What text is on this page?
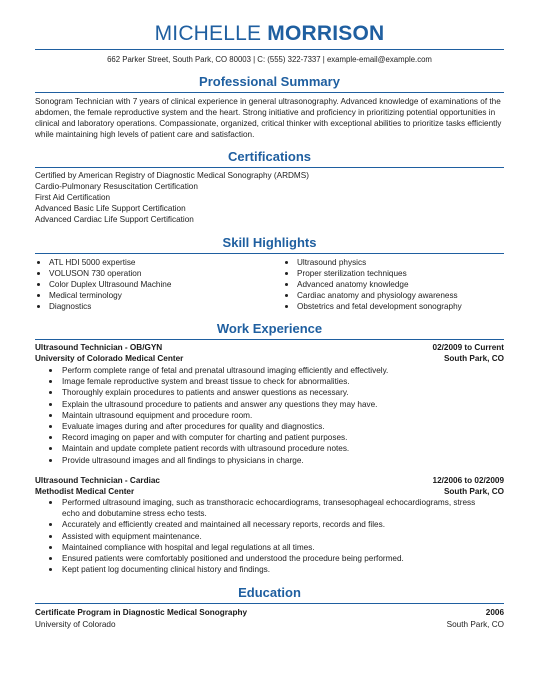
MICHELLE MORRISON
662 Parker Street, South Park, CO 80003 | C: (555) 322-7337 | example-email@example.com
Professional Summary
Sonogram Technician with 7 years of clinical experience in general ultrasonography. Advanced knowledge of examinations of the abdomen, the female reproductive system and the heart. Strong initiative and proficiency in prioritizing potential opportunities in clinical and laboratory operations. Compassionate, organized, critical thinker with exceptional abilities to prioritize tasks efficiently while maintaining high levels of patient care and satisfaction.
Certifications
Certified by American Registry of Diagnostic Medical Sonography (ARDMS)
Cardio-Pulmonary Resuscitation Certification
First Aid Certification
Advanced Basic Life Support Certification
Advanced Cardiac Life Support Certification
Skill Highlights
ATL HDI 5000 expertise
VOLUSON 730 operation
Color Duplex Ultrasound Machine
Medical terminology
Diagnostics
Ultrasound physics
Proper sterilization techniques
Advanced anatomy knowledge
Cardiac anatomy and physiology awareness
Obstetrics and fetal development sonography
Work Experience
Ultrasound Technician - OB/GYN	02/2009 to Current
University of Colorado Medical Center	South Park, CO
Perform complete range of fetal and prenatal ultrasound imaging efficiently and effectively.
Image female reproductive system and breast tissue to check for abnormalities.
Thoroughly explain procedures to patients and answer questions as necessary.
Explain the ultrasound procedure to patients and answer any questions they may have.
Maintain ultrasound equipment and procedure room.
Evaluate images during and after procedures for quality and diagnostics.
Record imaging on paper and with computer for charting and patient purposes.
Maintain and update complete patient records with ultrasound procedure notes.
Provide ultrasound images and all findings to physicians in charge.
Ultrasound Technician - Cardiac	12/2006 to 02/2009
Methodist Medical Center	South Park, CO
Performed ultrasound imaging, such as transthoracic echocardiograms, transesophageal echocardiograms, stress echo and dobutamine stress echo tests.
Accurately and efficiently created and maintained all necessary reports, records and files.
Assisted with equipment maintenance.
Maintained compliance with hospital and legal regulations at all times.
Ensured patients were comfortably positioned and understood the procedure being performed.
Kept patient log documenting clinical history and findings.
Education
Certificate Program in Diagnostic Medical Sonography	2006
University of Colorado	South Park, CO
